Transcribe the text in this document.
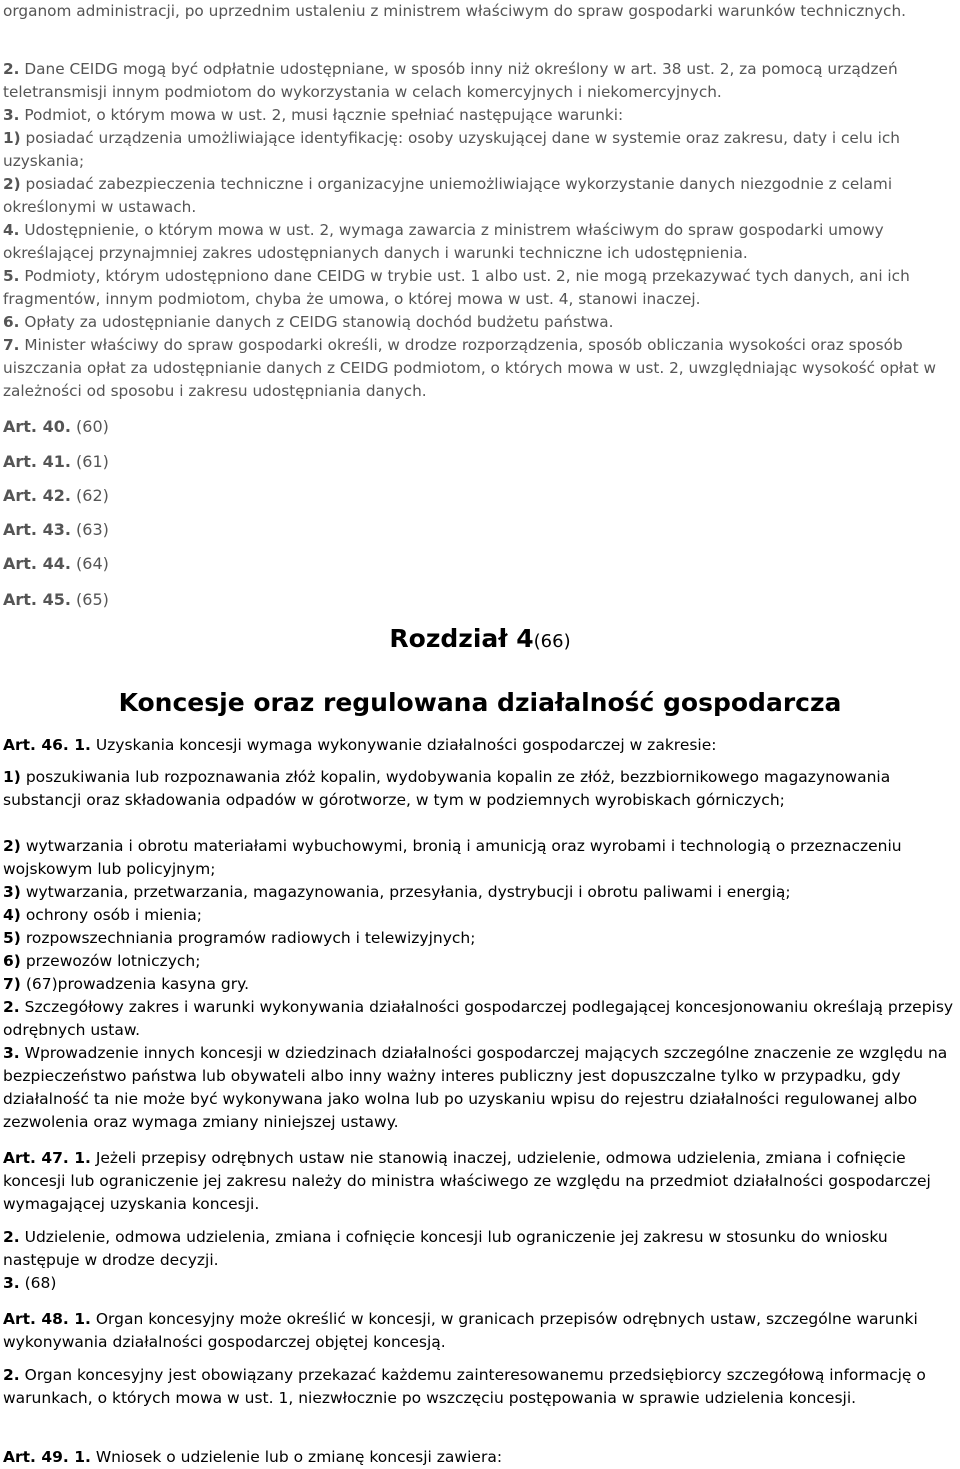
organom administracji, po uprzednim ustaleniu z ministrem właściwym do spraw gospodarki warunków technicznych.
2. Dane CEIDG mogą być odpłatnie udostępniane, w sposób inny niż określony w art. 38 ust. 2, za pomocą urządzeń teletransmisji innym podmiotom do wykorzystania w celach komercyjnych i niekomercyjnych.
3. Podmiot, o którym mowa w ust. 2, musi łącznie spełniać następujące warunki:
1) posiadać urządzenia umożliwiające identyfikację: osoby uzyskującej dane w systemie oraz zakresu, daty i celu ich uzyskania;
2) posiadać zabezpieczenia techniczne i organizacyjne uniemożliwiające wykorzystanie danych niezgodnie z celami określonymi w ustawach.
4. Udostępnienie, o którym mowa w ust. 2, wymaga zawarcia z ministrem właściwym do spraw gospodarki umowy określającej przynajmniej zakres udostępnianych danych i warunki techniczne ich udostępnienia.
5. Podmioty, którym udostępniono dane CEIDG w trybie ust. 1 albo ust. 2, nie mogą przekazywać tych danych, ani ich fragmentów, innym podmiotom, chyba że umowa, o której mowa w ust. 4, stanowi inaczej.
6. Opłaty za udostępnianie danych z CEIDG stanowią dochód budżetu państwa.
7. Minister właściwy do spraw gospodarki określi, w drodze rozporządzenia, sposób obliczania wysokości oraz sposób uiszczania opłat za udostępnianie danych z CEIDG podmiotom, o których mowa w ust. 2, uwzględniając wysokość opłat w zależności od sposobu i zakresu udostępniania danych.
Art. 40. (60)
Art. 41. (61)
Art. 42. (62)
Art. 43. (63)
Art. 44. (64)
Art. 45. (65)
Rozdział 4(66)
Koncesje oraz regulowana działalność gospodarcza
Art. 46. 1. Uzyskania koncesji wymaga wykonywanie działalności gospodarczej w zakresie:
1) poszukiwania lub rozpoznawania złóż kopalin, wydobywania kopalin ze złóż, bezzbiornikowego magazynowania substancji oraz składowania odpadów w górotworze, w tym w podziemnych wyrobiskach górniczych;
2) wytwarzania i obrotu materiałami wybuchowymi, bronią i amunicją oraz wyrobami i technologią o przeznaczeniu wojskowym lub policyjnym;
3) wytwarzania, przetwarzania, magazynowania, przesyłania, dystrybucji i obrotu paliwami i energią;
4) ochrony osób i mienia;
5) rozpowszechniania programów radiowych i telewizyjnych;
6) przewozów lotniczych;
7) (67)prowadzenia kasyna gry.
2. Szczegółowy zakres i warunki wykonywania działalności gospodarczej podlegającej koncesjonowaniu określają przepisy odrębnych ustaw.
3. Wprowadzenie innych koncesji w dziedzinach działalności gospodarczej mających szczególne znaczenie ze względu na bezpieczeństwo państwa lub obywateli albo inny ważny interes publiczny jest dopuszczalne tylko w przypadku, gdy działalność ta nie może być wykonywana jako wolna lub po uzyskaniu wpisu do rejestru działalności regulowanej albo zezwolenia oraz wymaga zmiany niniejszej ustawy.
Art. 47. 1. Jeżeli przepisy odrębnych ustaw nie stanowią inaczej, udzielenie, odmowa udzielenia, zmiana i cofnięcie koncesji lub ograniczenie jej zakresu należy do ministra właściwego ze względu na przedmiot działalności gospodarczej wymagającej uzyskania koncesji.
2. Udzielenie, odmowa udzielenia, zmiana i cofnięcie koncesji lub ograniczenie jej zakresu w stosunku do wniosku następuje w drodze decyzji.
3. (68)
Art. 48. 1. Organ koncesyjny może określić w koncesji, w granicach przepisów odrębnych ustaw, szczególne warunki wykonywania działalności gospodarczej objętej koncesją.
2. Organ koncesyjny jest obowiązany przekazać każdemu zainteresowanemu przedsiębiorcy szczegółową informację o warunkach, o których mowa w ust. 1, niezwłocznie po wszczęciu postępowania w sprawie udzielenia koncesji.
Art. 49. 1. Wniosek o udzielenie lub o zmianę koncesji zawiera:
